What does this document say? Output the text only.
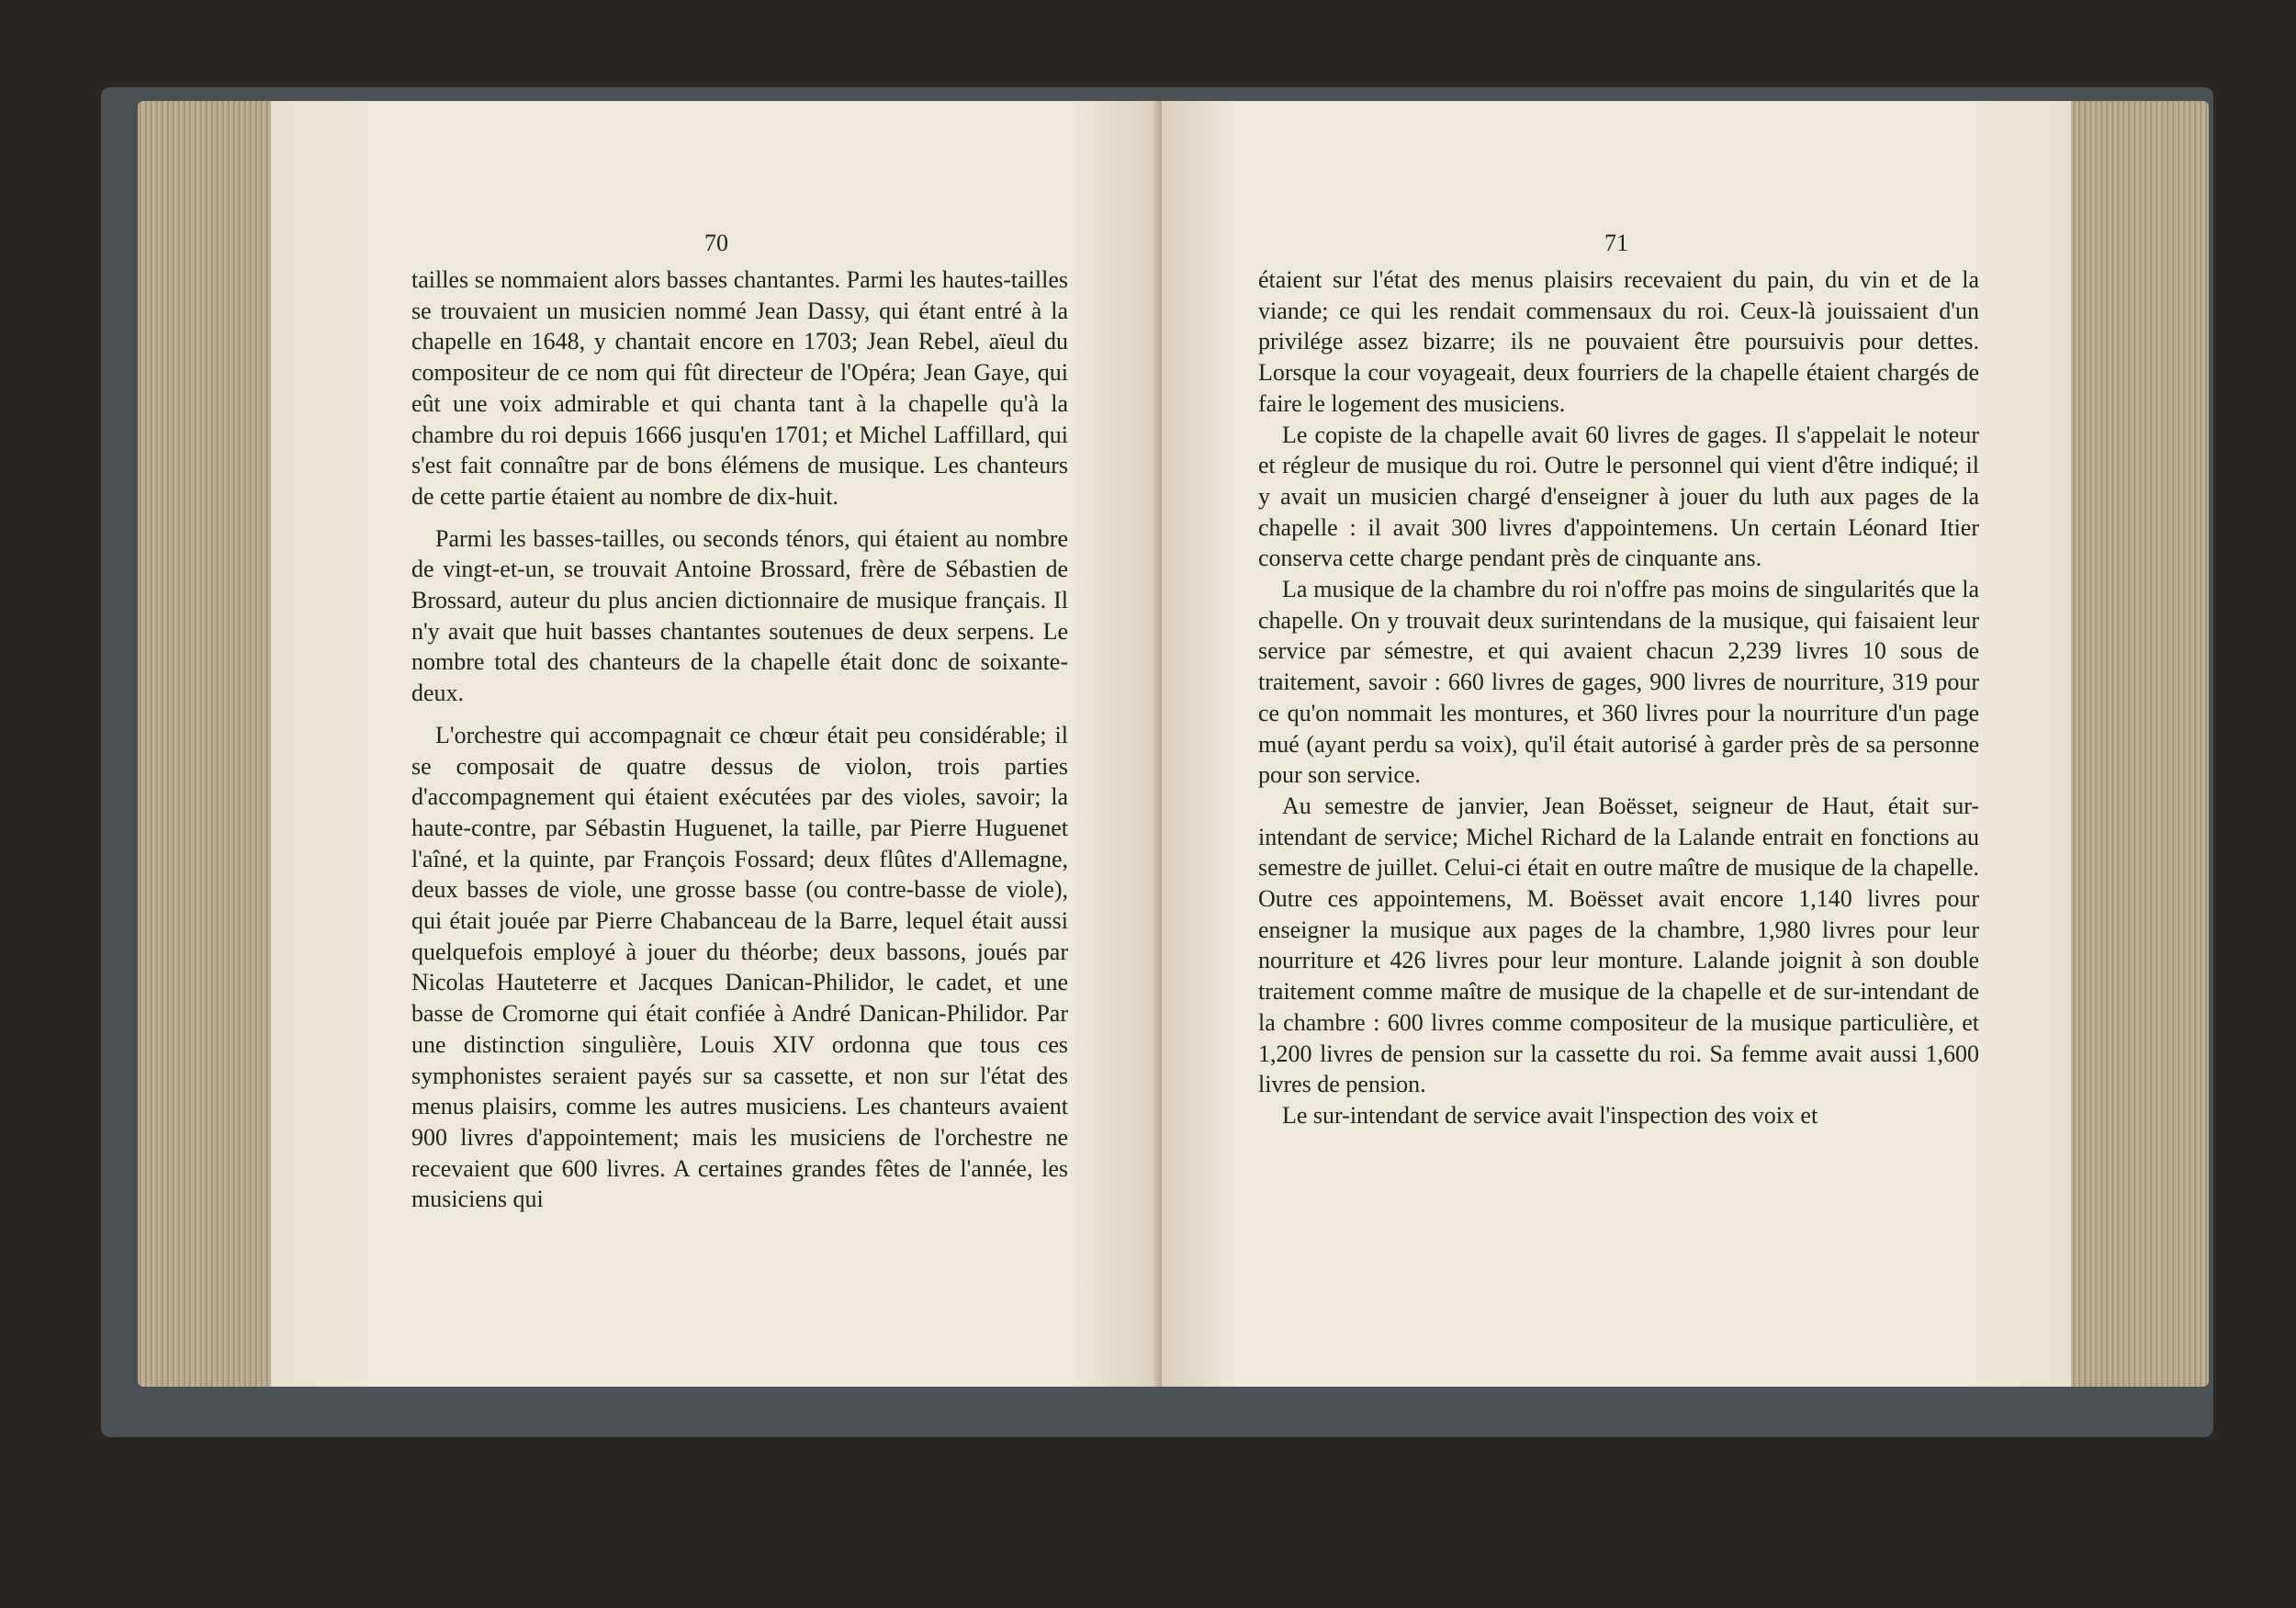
70

tailles se nommaient alors basses chantantes. Parmi les hautes-tailles se trouvaient un musicien nommé Jean Dassy, qui étant entré à la chapelle en 1648, y chantait encore en 1703; Jean Rebel, aïeul du compositeur de ce nom qui fût directeur de l'Opéra; Jean Gaye, qui eût une voix admirable et qui chanta tant à la chapelle qu'à la chambre du roi depuis 1666 jusqu'en 1701; et Michel Laffillard, qui s'est fait connaître par de bons élémens de musique. Les chanteurs de cette partie étaient au nombre de dix-huit.

Parmi les basses-tailles, ou seconds ténors, qui étaient au nombre de vingt-et-un, se trouvait Antoine Brossard, frère de Sébastien de Brossard, auteur du plus ancien dictionnaire de musique français. Il n'y avait que huit basses chantantes soutenues de deux serpens. Le nombre total des chanteurs de la chapelle était donc de soixante-deux.

L'orchestre qui accompagnait ce chœur était peu considérable; il se composait de quatre dessus de violon, trois parties d'accompagnement qui étaient exécutées par des violes, savoir; la haute-contre, par Sébastin Huguenet, la taille, par Pierre Huguenet l'aîné, et la quinte, par François Fossard; deux flûtes d'Allemagne, deux basses de viole, une grosse basse (ou contre-basse de viole), qui était jouée par Pierre Chabanceau de la Barre, lequel était aussi quelquefois employé à jouer du théorbe; deux bassons, joués par Nicolas Hauteterre et Jacques Danican-Philidor, le cadet, et une basse de Cromorne qui était confiée à André Danican-Philidor. Par une distinction singulière, Louis XIV ordonna que tous ces symphonistes seraient payés sur sa cassette, et non sur l'état des menus plaisirs, comme les autres musiciens. Les chanteurs avaient 900 livres d'appointement; mais les musiciens de l'orchestre ne recevaient que 600 livres. A certaines grandes fêtes de l'année, les musiciens qui

71

étaient sur l'état des menus plaisirs recevaient du pain, du vin et de la viande; ce qui les rendait commensaux du roi. Ceux-là jouissaient d'un privilége assez bizarre; ils ne pouvaient être poursuivis pour dettes. Lorsque la cour voyageait, deux fourriers de la chapelle étaient chargés de faire le logement des musiciens.

Le copiste de la chapelle avait 60 livres de gages. Il s'appelait le noteur et régleur de musique du roi. Outre le personnel qui vient d'être indiqué; il y avait un musicien chargé d'enseigner à jouer du luth aux pages de la chapelle : il avait 300 livres d'appointemens. Un certain Léonard Itier conserva cette charge pendant près de cinquante ans.

La musique de la chambre du roi n'offre pas moins de singularités que la chapelle. On y trouvait deux surintendans de la musique, qui faisaient leur service par sémestre, et qui avaient chacun 2,239 livres 10 sous de traitement, savoir : 660 livres de gages, 900 livres de nourriture, 319 pour ce qu'on nommait les montures, et 360 livres pour la nourriture d'un page mué (ayant perdu sa voix), qu'il était autorisé à garder près de sa personne pour son service.

Au semestre de janvier, Jean Boësset, seigneur de Haut, était sur-intendant de service; Michel Richard de la Lalande entrait en fonctions au semestre de juillet. Celui-ci était en outre maître de musique de la chapelle. Outre ces appointemens, M. Boësset avait encore 1,140 livres pour enseigner la musique aux pages de la chambre, 1,980 livres pour leur nourriture et 426 livres pour leur monture. Lalande joignit à son double traitement comme maître de musique de la chapelle et de sur-intendant de la chambre : 600 livres comme compositeur de la musique particulière, et 1,200 livres de pension sur la cassette du roi. Sa femme avait aussi 1,600 livres de pension.

Le sur-intendant de service avait l'inspection des voix et
